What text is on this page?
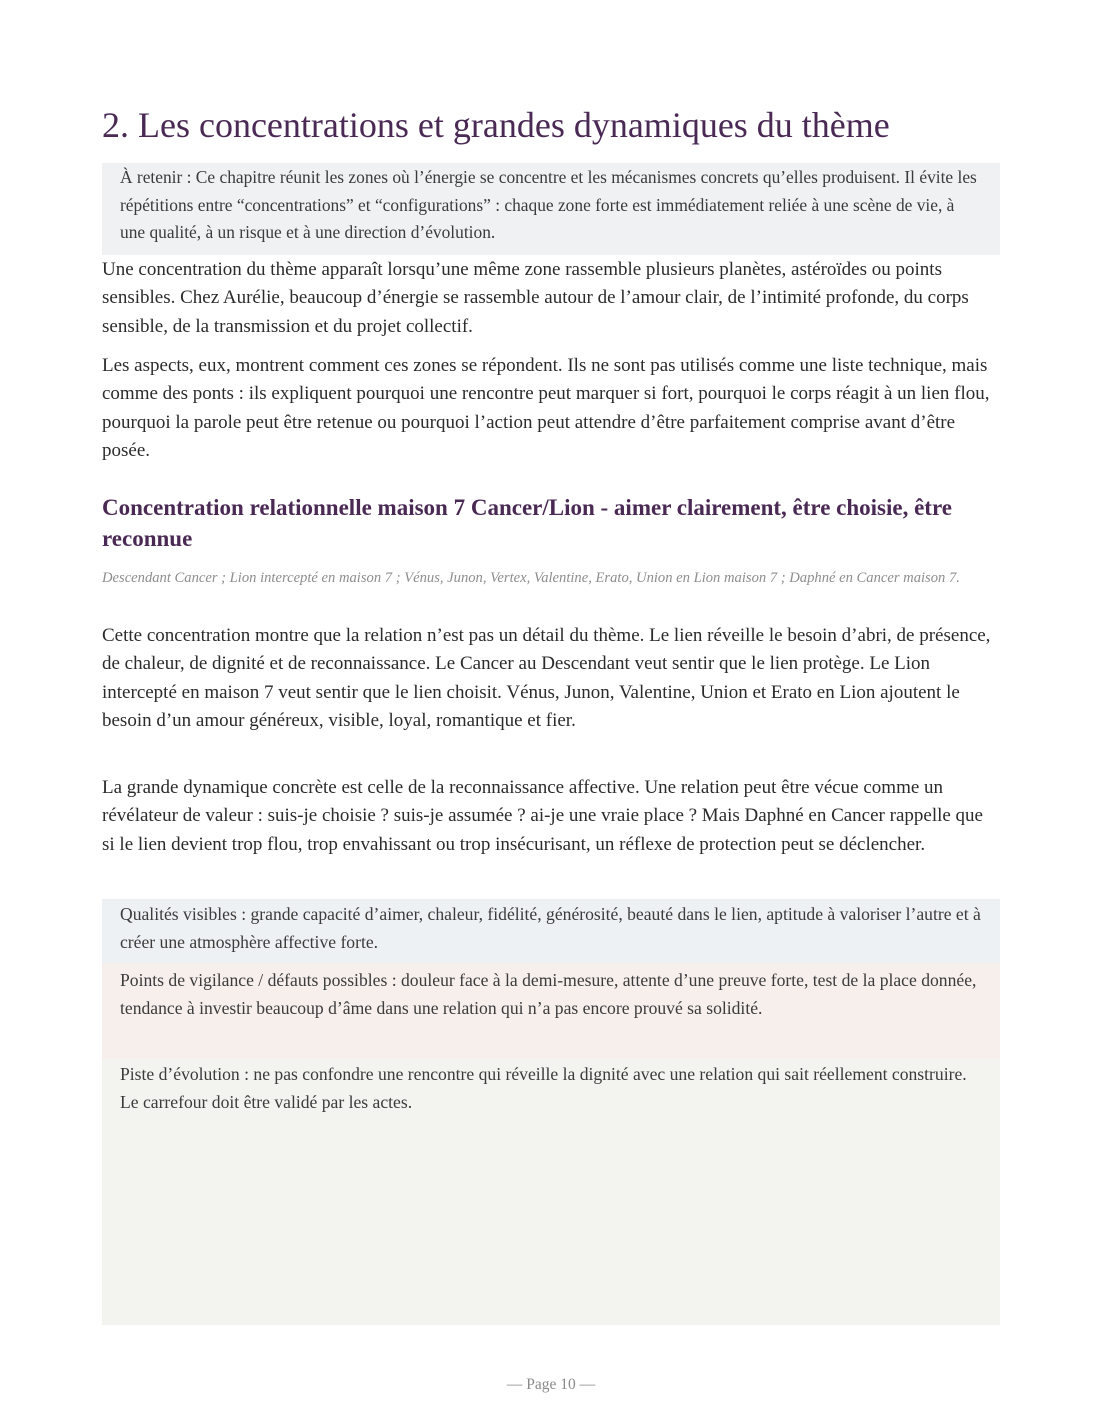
2. Les concentrations et grandes dynamiques du thème
À retenir : Ce chapitre réunit les zones où l’énergie se concentre et les mécanismes concrets qu’elles produisent. Il évite les répétitions entre “concentrations” et “configurations” : chaque zone forte est immédiatement reliée à une scène de vie, à une qualité, à un risque et à une direction d’évolution.

Une concentration du thème apparaît lorsqu’une même zone rassemble plusieurs planètes, astéroïdes ou points sensibles. Chez Aurélie, beaucoup d’énergie se rassemble autour de l’amour clair, de l’intimité profonde, du corps sensible, de la transmission et du projet collectif.

Les aspects, eux, montrent comment ces zones se répondent. Ils ne sont pas utilisés comme une liste technique, mais comme des ponts : ils expliquent pourquoi une rencontre peut marquer si fort, pourquoi le corps réagit à un lien flou, pourquoi la parole peut être retenue ou pourquoi l’action peut attendre d’être parfaitement comprise avant d’être posée.

Concentration relationnelle maison 7 Cancer/Lion - aimer clairement, être choisie, être reconnue

Descendant Cancer ; Lion intercepté en maison 7 ; Vénus, Junon, Vertex, Valentine, Erato, Union en Lion maison 7 ; Daphné en Cancer maison 7.

Cette concentration montre que la relation n’est pas un détail du thème. Le lien réveille le besoin d’abri, de présence, de chaleur, de dignité et de reconnaissance. Le Cancer au Descendant veut sentir que le lien protège. Le Lion intercepté en maison 7 veut sentir que le lien choisit. Vénus, Junon, Valentine, Union et Erato en Lion ajoutent le besoin d’un amour généreux, visible, loyal, romantique et fier.

La grande dynamique concrète est celle de la reconnaissance affective. Une relation peut être vécue comme un révélateur de valeur : suis-je choisie ? suis-je assumée ? ai-je une vraie place ? Mais Daphné en Cancer rappelle que si le lien devient trop flou, trop envahissant ou trop insécurisant, un réflexe de protection peut se déclencher.

Qualités visibles : grande capacité d’aimer, chaleur, fidélité, générosité, beauté dans le lien, aptitude à valoriser l’autre et à créer une atmosphère affective forte.
Points de vigilance / défauts possibles : douleur face à la demi-mesure, attente d’une preuve forte, test de la place donnée, tendance à investir beaucoup d’âme dans une relation qui n’a pas encore prouvé sa solidité.
Piste d’évolution : ne pas confondre une rencontre qui réveille la dignité avec une relation qui sait réellement construire. Le carrefour doit être validé par les actes.
— Page 10 —
